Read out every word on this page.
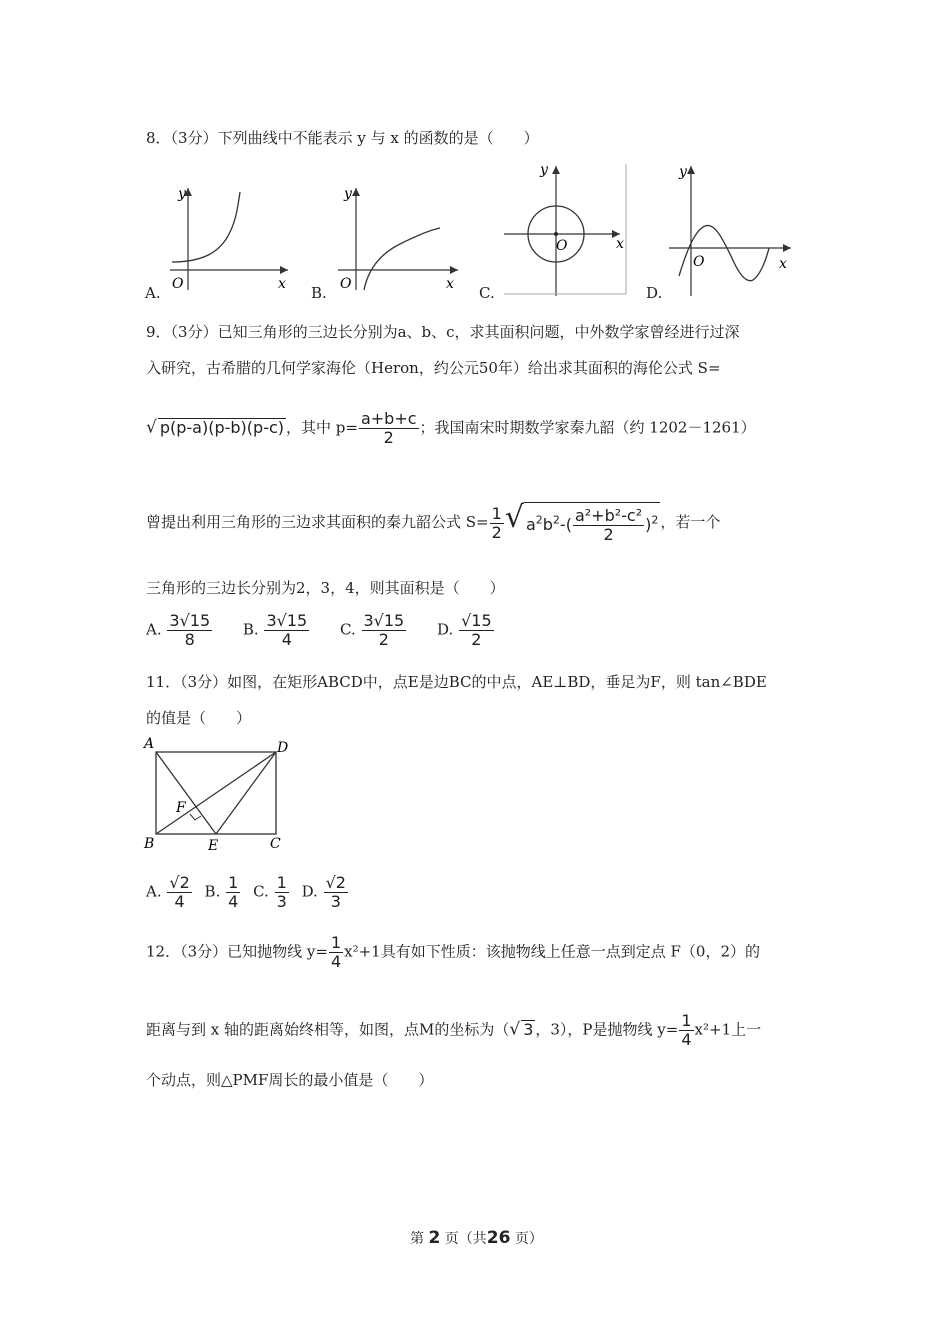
8．（3分）下列曲线中不能表示 y 与 x 的函数的是（　　）
y
x
O
A.
y
x
O
B.
y
x
O
C.
y
x
O
D.
9．（3分）已知三角形的三边长分别为a、b、c，求其面积问题，中外数学家曾经进行过深
入研究，古希腊的几何学家海伦（Heron，约公元50年）给出求其面积的海伦公式 S=
√ p(p-a)(p-b)(p-c) ，其中 $p= \frac{a+b+c}{2}$ ；我国南宋时期数学家秦九韶（约 1202－1261）
曾提出利用三角形的三边求其面积的秦九韶公式 $S= \frac{1}{2}$ √ $a^2b^2-( \frac{\text{a²+b²-c²}}{2} )^2$ ，若一个
三角形的三边长分别为2，3，4，则其面积是（　　）
A. $\frac{3√15}{8} B$. $\frac{3√15}{4} C$. $\frac{3√15}{2} D$. $\frac{√15}{2}$
11．（3分）如图，在矩形ABCD中，点E是边BC的中点，AE⊥BD，垂足为F，则 tan∠BDE
的值是（　　）
A	D
B	E	C
F
A. $\frac{√2}{4} B$. $\frac{1}{4} C$. $\frac{1}{3} D$. $\frac{√2}{3}$
12．（3分）已知抛物线 $y= \frac{1}{4} x^2+1$具有如下性质：该抛物线上任意一点到定点 F（0，2）的
距离与到 x 轴的距离始终相等，如图，点M的坐标为（√ 3 ，3），P是抛物线 $y= \frac{1}{4} x^2+1$上一
个动点，则△PMF周长的最小值是（　　）
第 2 页（共26 页）
